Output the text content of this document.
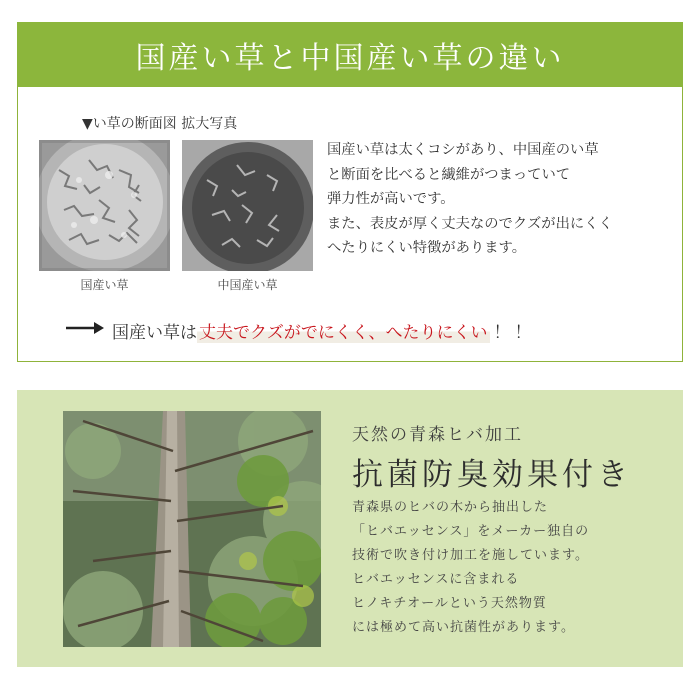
国産い草と中国産い草の違い
▼い草の断面図 拡大写真
国産い草	中国産い草

国産い草は太くコシがあり、中国産のい草

と断面を比べると繊維がつまっていて

弾力性が高いです。

また、表皮が厚く丈夫なのでクズが出にくく

へたりにくい特徴があります。

国産い草は 丈夫でクズがでにくく、へたりにくい ！！
天然の青森ヒバ加工
抗菌防臭効果付き

青森県のヒバの木から抽出した

「ヒバエッセンス」をメーカー独自の

技術で吹き付け加工を施しています。

ヒバエッセンスに含まれる

ヒノキチオールという天然物質

には極めて高い抗菌性があります。
